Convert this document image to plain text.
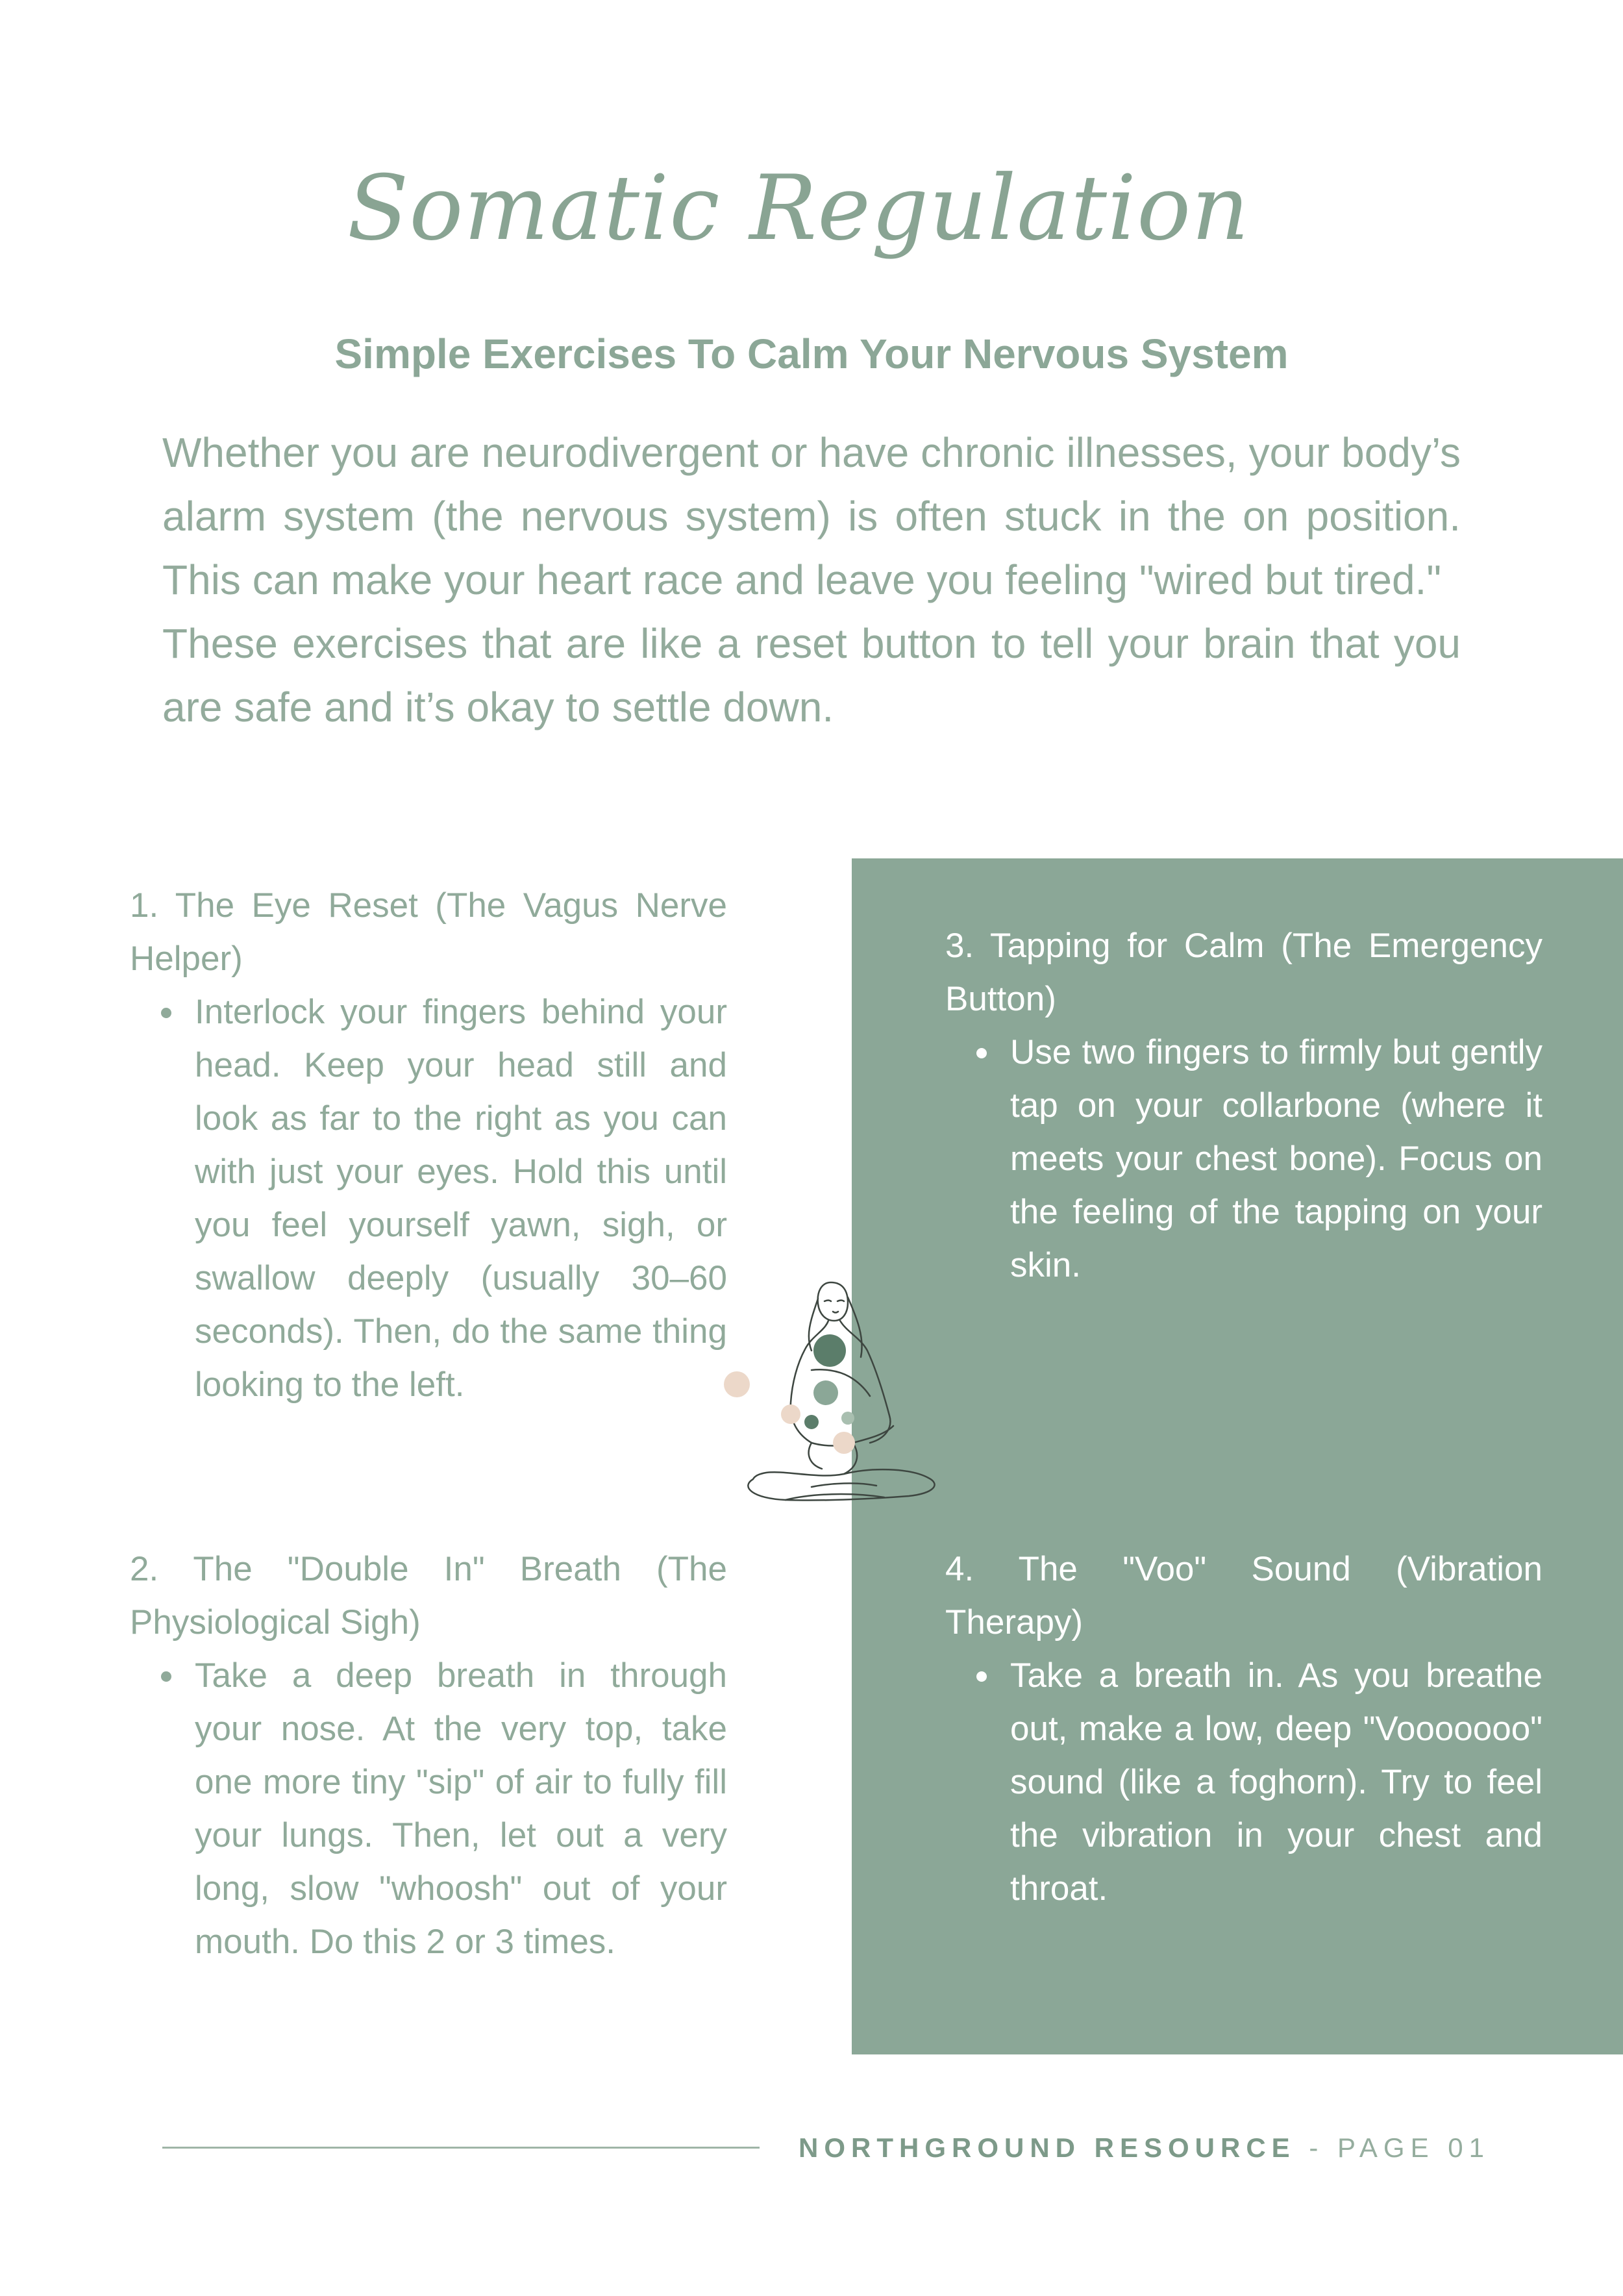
Somatic Regulation
Simple Exercises To Calm Your Nervous System

Whether you are neurodivergent or have chronic illnesses, your body’s alarm system (the nervous system) is often stuck in the on position. This can make your heart race and leave you feeling "wired but tired."

These exercises that are like a reset button to tell your brain that you are safe and it’s okay to settle down.

1. The Eye Reset (The Vagus Nerve Helper)
Interlock your fingers behind your head. Keep your head still and look as far to the right as you can with just your eyes. Hold this until you feel yourself yawn, sigh, or swallow deeply (usually 30–60 seconds). Then, do the same thing looking to the left.
2. The "Double In" Breath (The Physiological Sigh)
Take a deep breath in through your nose. At the very top, take one more tiny "sip" of air to fully fill your lungs. Then, let out a very long, slow "whoosh" out of your mouth. Do this 2 or 3 times.
3. Tapping for Calm (The Emergency Button)
Use two fingers to firmly but gently tap on your collarbone (where it meets your chest bone). Focus on the feeling of the tapping on your skin.
4. The "Voo" Sound (Vibration Therapy)
Take a breath in. As you breathe out, make a low, deep "Vooooooo" sound (like a foghorn). Try to feel the vibration in your chest and throat.
NORTHGROUND RESOURCE - PAGE 01
